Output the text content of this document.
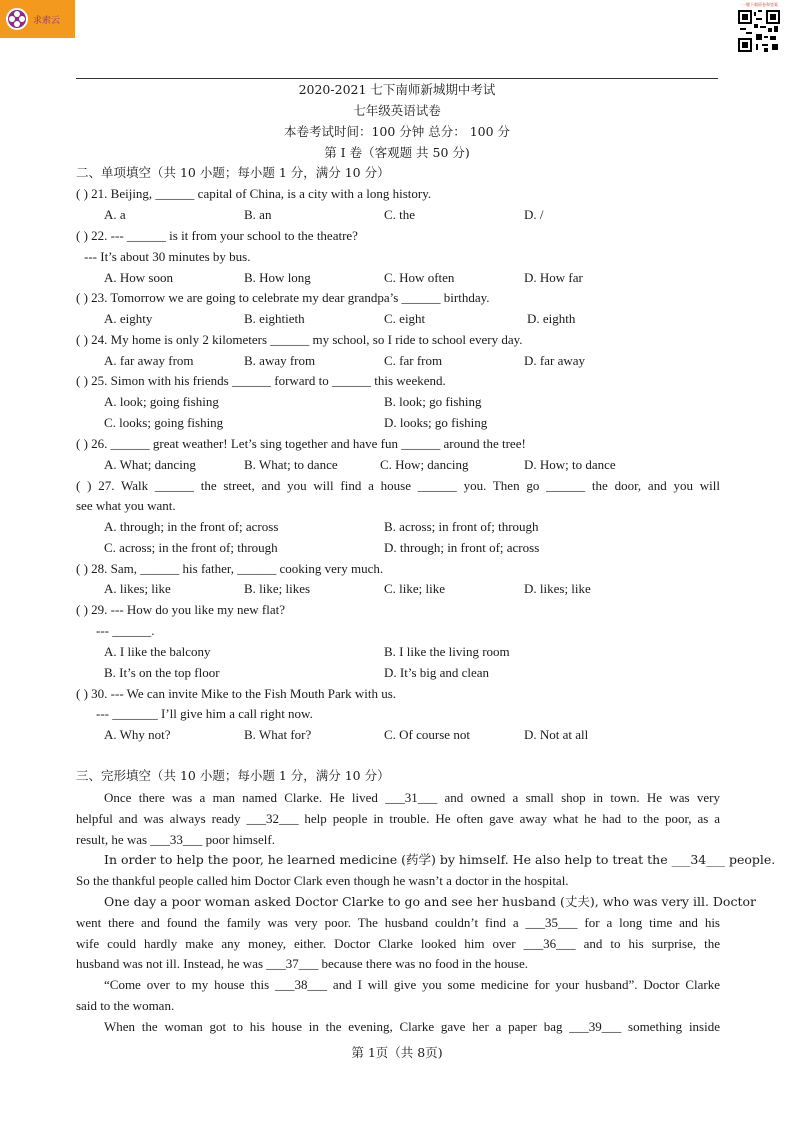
求索云
一键下载原卷和答案
2020-2021 七下南师新城期中考试
七年级英语试卷
本卷考试时间：100 分钟 总分： 100 分
第 I 卷（客观题 共 50 分)
二、单项填空（共 10 小题；每小题 1 分，满分 10 分）
( ) 21. Beijing, ______ capital of China, is a city with a long history.
A. a	B. an	C. the	D. /
( ) 22. --- ______ is it from your school to the theatre?
--- It’s about 30 minutes by bus.
A. How soon	B. How long	C. How often	D. How far
( ) 23. Tomorrow we are going to celebrate my dear grandpa’s ______ birthday.
A. eighty	B. eightieth	C. eight	D. eighth
( ) 24. My home is only 2 kilometers ______ my school, so I ride to school every day.
A. far away from	B. away from	C. far from	D. far away
( ) 25. Simon with his friends ______ forward to ______ this weekend.
A. look; going fishing	B. look; go fishing
C. looks; going fishing	D. looks; go fishing
( ) 26. ______ great weather! Let’s sing together and have fun ______ around the tree!
A. What; dancing	B. What; to dance	C. How; dancing	D. How; to dance
( ) 27. Walk ______ the street, and you will find a house ______ you. Then go ______ the door, and you will
see what you want.
A. through; in the front of; across	B. across; in front of; through
C. across; in the front of; through	D. through; in front of; across
( ) 28. Sam, ______ his father, ______ cooking very much.
A. likes; like	B. like; likes	C. like; like	D. likes; like
( ) 29. --- How do you like my new flat?
--- ______.
A. I like the balcony	B. I like the living room
B. It’s on the top floor	D. It’s big and clean
( ) 30. --- We can invite Mike to the Fish Mouth Park with us.
--- _______ I’ll give him a call right now.
A. Why not?	B. What for?	C. Of course not	D. Not at all
三、完形填空（共 10 小题；每小题 1 分，满分 10 分）
Once there was a man named Clarke. He lived ___31___ and owned a small shop in town. He was very
helpful and was always ready ___32___ help people in trouble. He often gave away what he had to the poor, as a
result, he was ___33___ poor himself.
In order to help the poor, he learned medicine (药学) by himself. He also help to treat the ___34___ people.
So the thankful people called him Doctor Clark even though he wasn’t a doctor in the hospital.
One day a poor woman asked Doctor Clarke to go and see her husband (丈夫), who was very ill. Doctor
went there and found the family was very poor. The husband couldn’t find a ___35___ for a long time and his
wife could hardly make any money, either. Doctor Clarke looked him over ___36___ and to his surprise, the
husband was not ill. Instead, he was ___37___ because there was no food in the house.
“Come over to my house this ___38___ and I will give you some medicine for your husband”. Doctor Clarke
said to the woman.
When the woman got to his house in the evening, Clarke gave her a paper bag ___39___ something inside
第 1页（共 8页)
